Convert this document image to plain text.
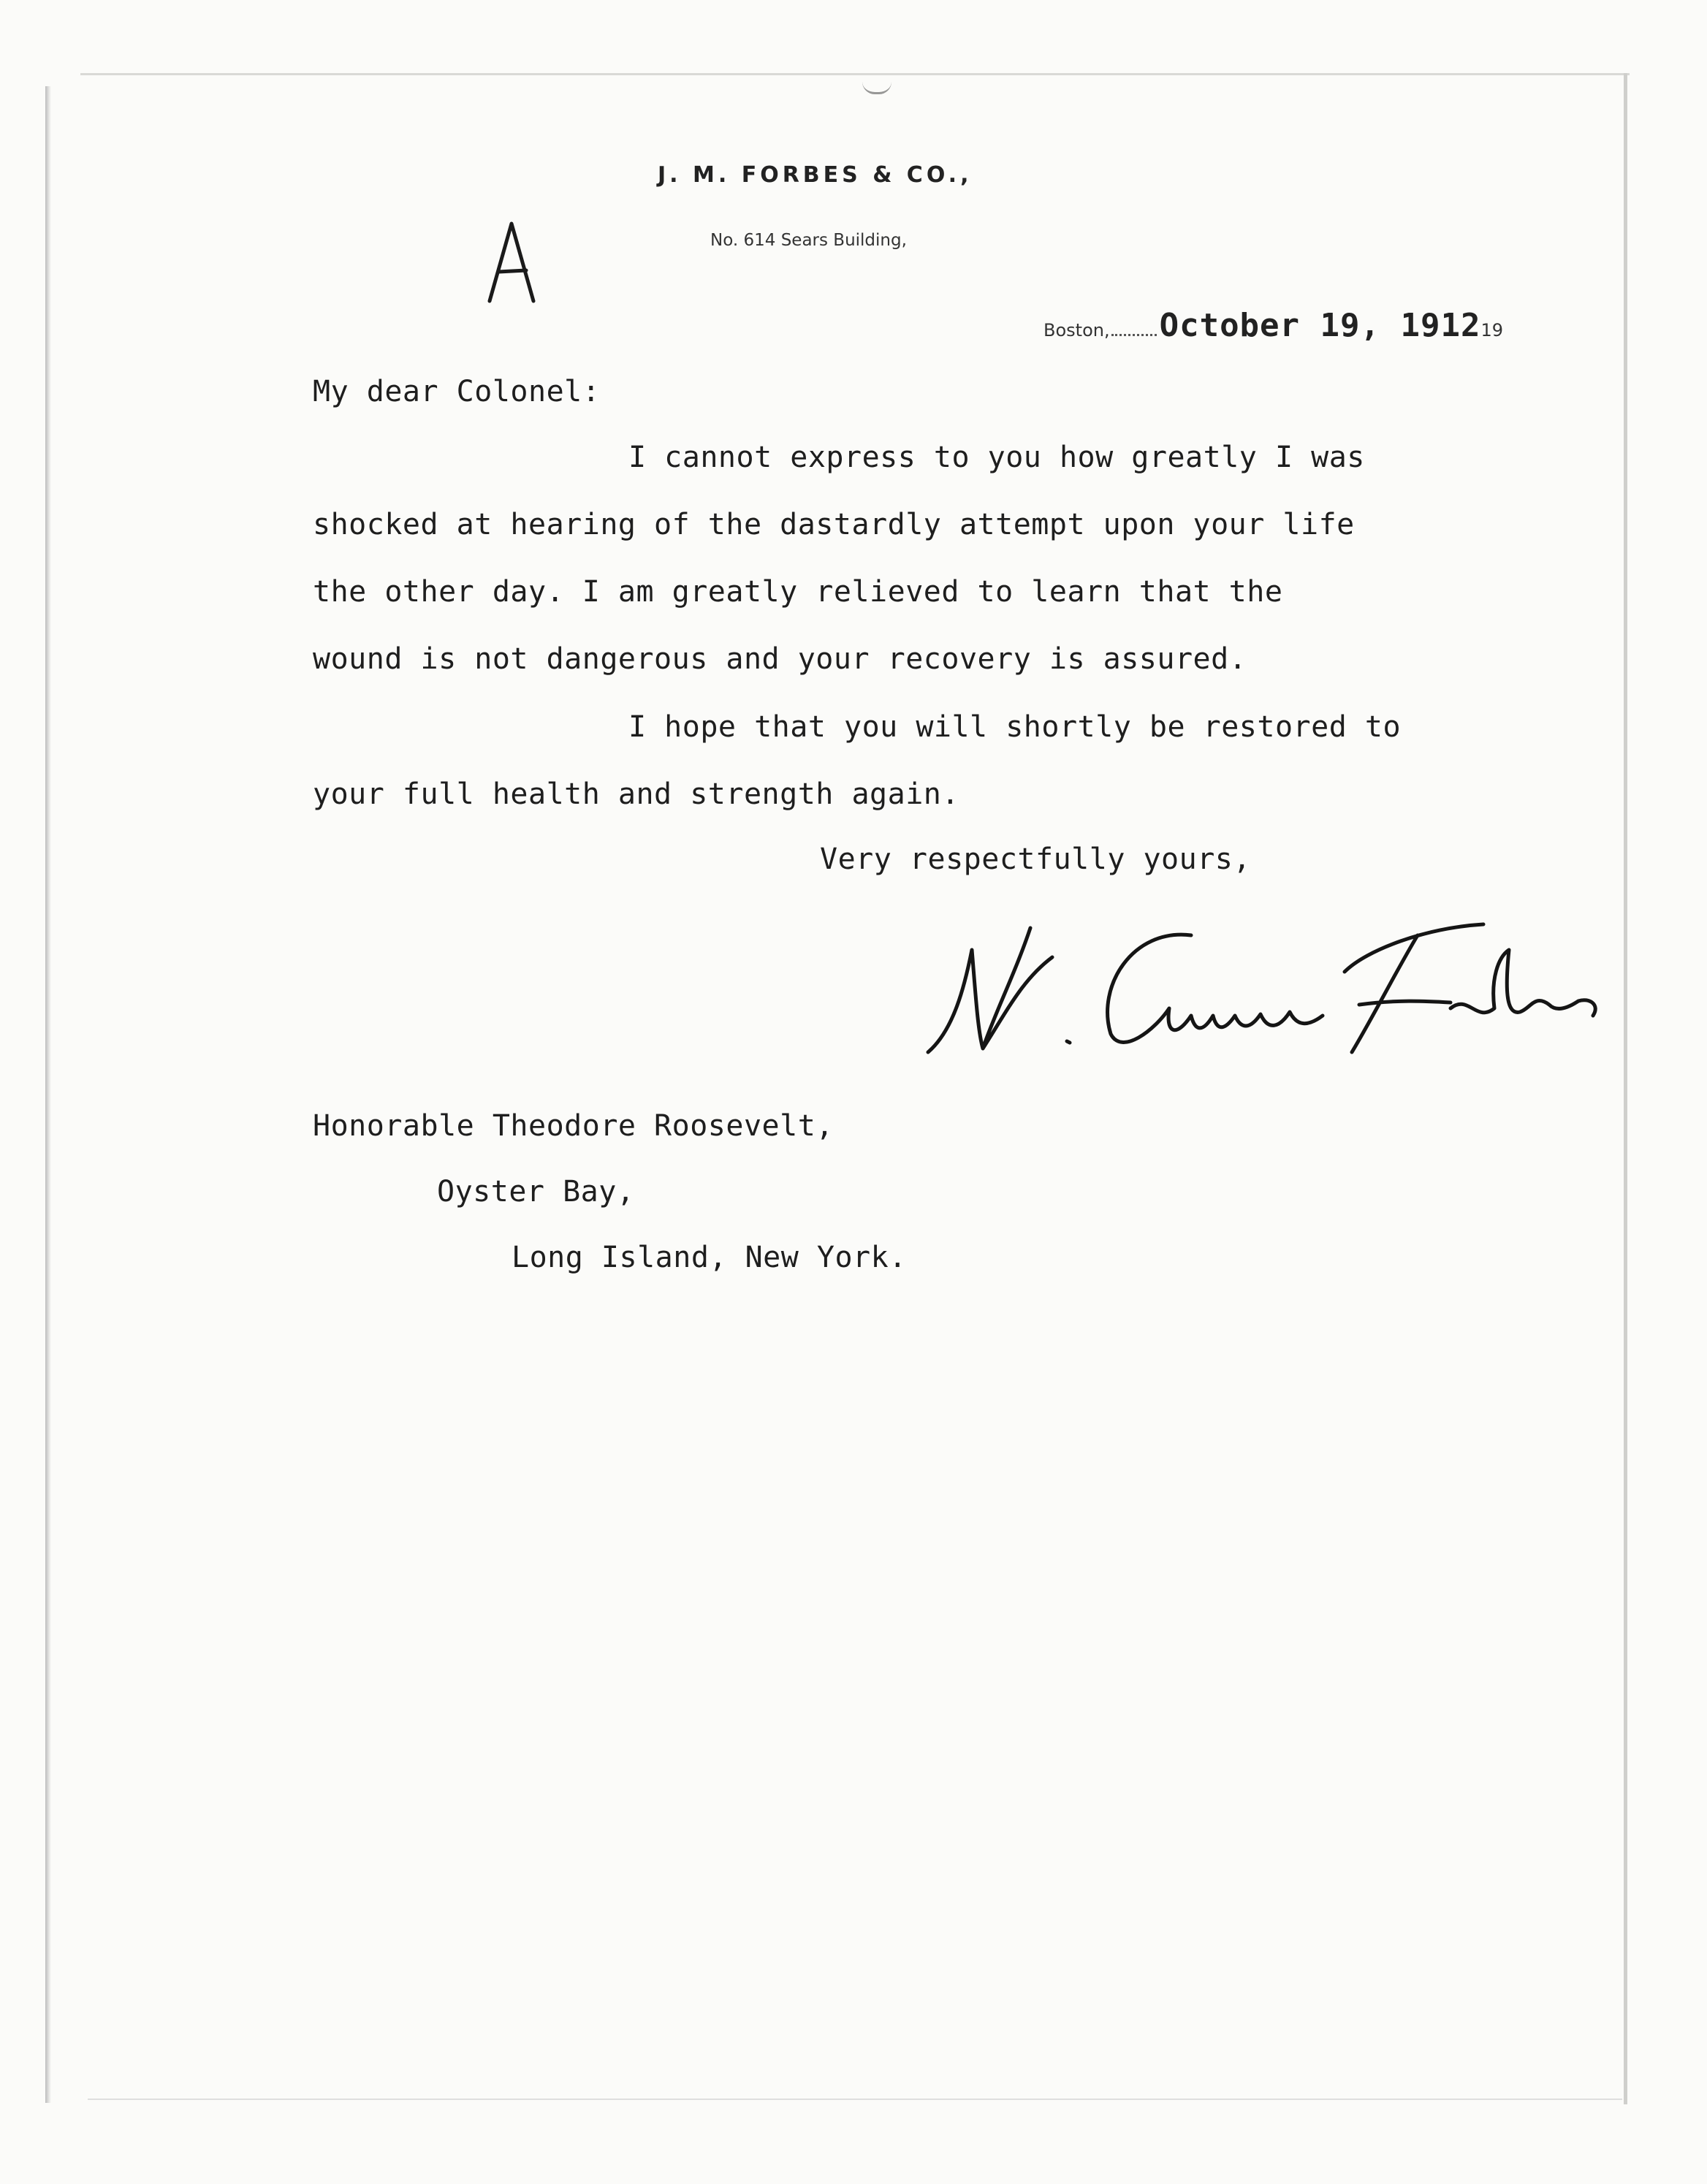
J. M. FORBES & CO.,
No. 614 Sears Building,
Boston, October 19, 191219
My dear Colonel:
I cannot express to you how greatly I was
shocked at hearing of the dastardly attempt upon your life
the other day. I am greatly relieved to learn that the
wound is not dangerous and your recovery is assured.
I hope that you will shortly be restored to
your full health and strength again.
Very respectfully yours,
Honorable Theodore Roosevelt,
Oyster Bay,
Long Island, New York.
